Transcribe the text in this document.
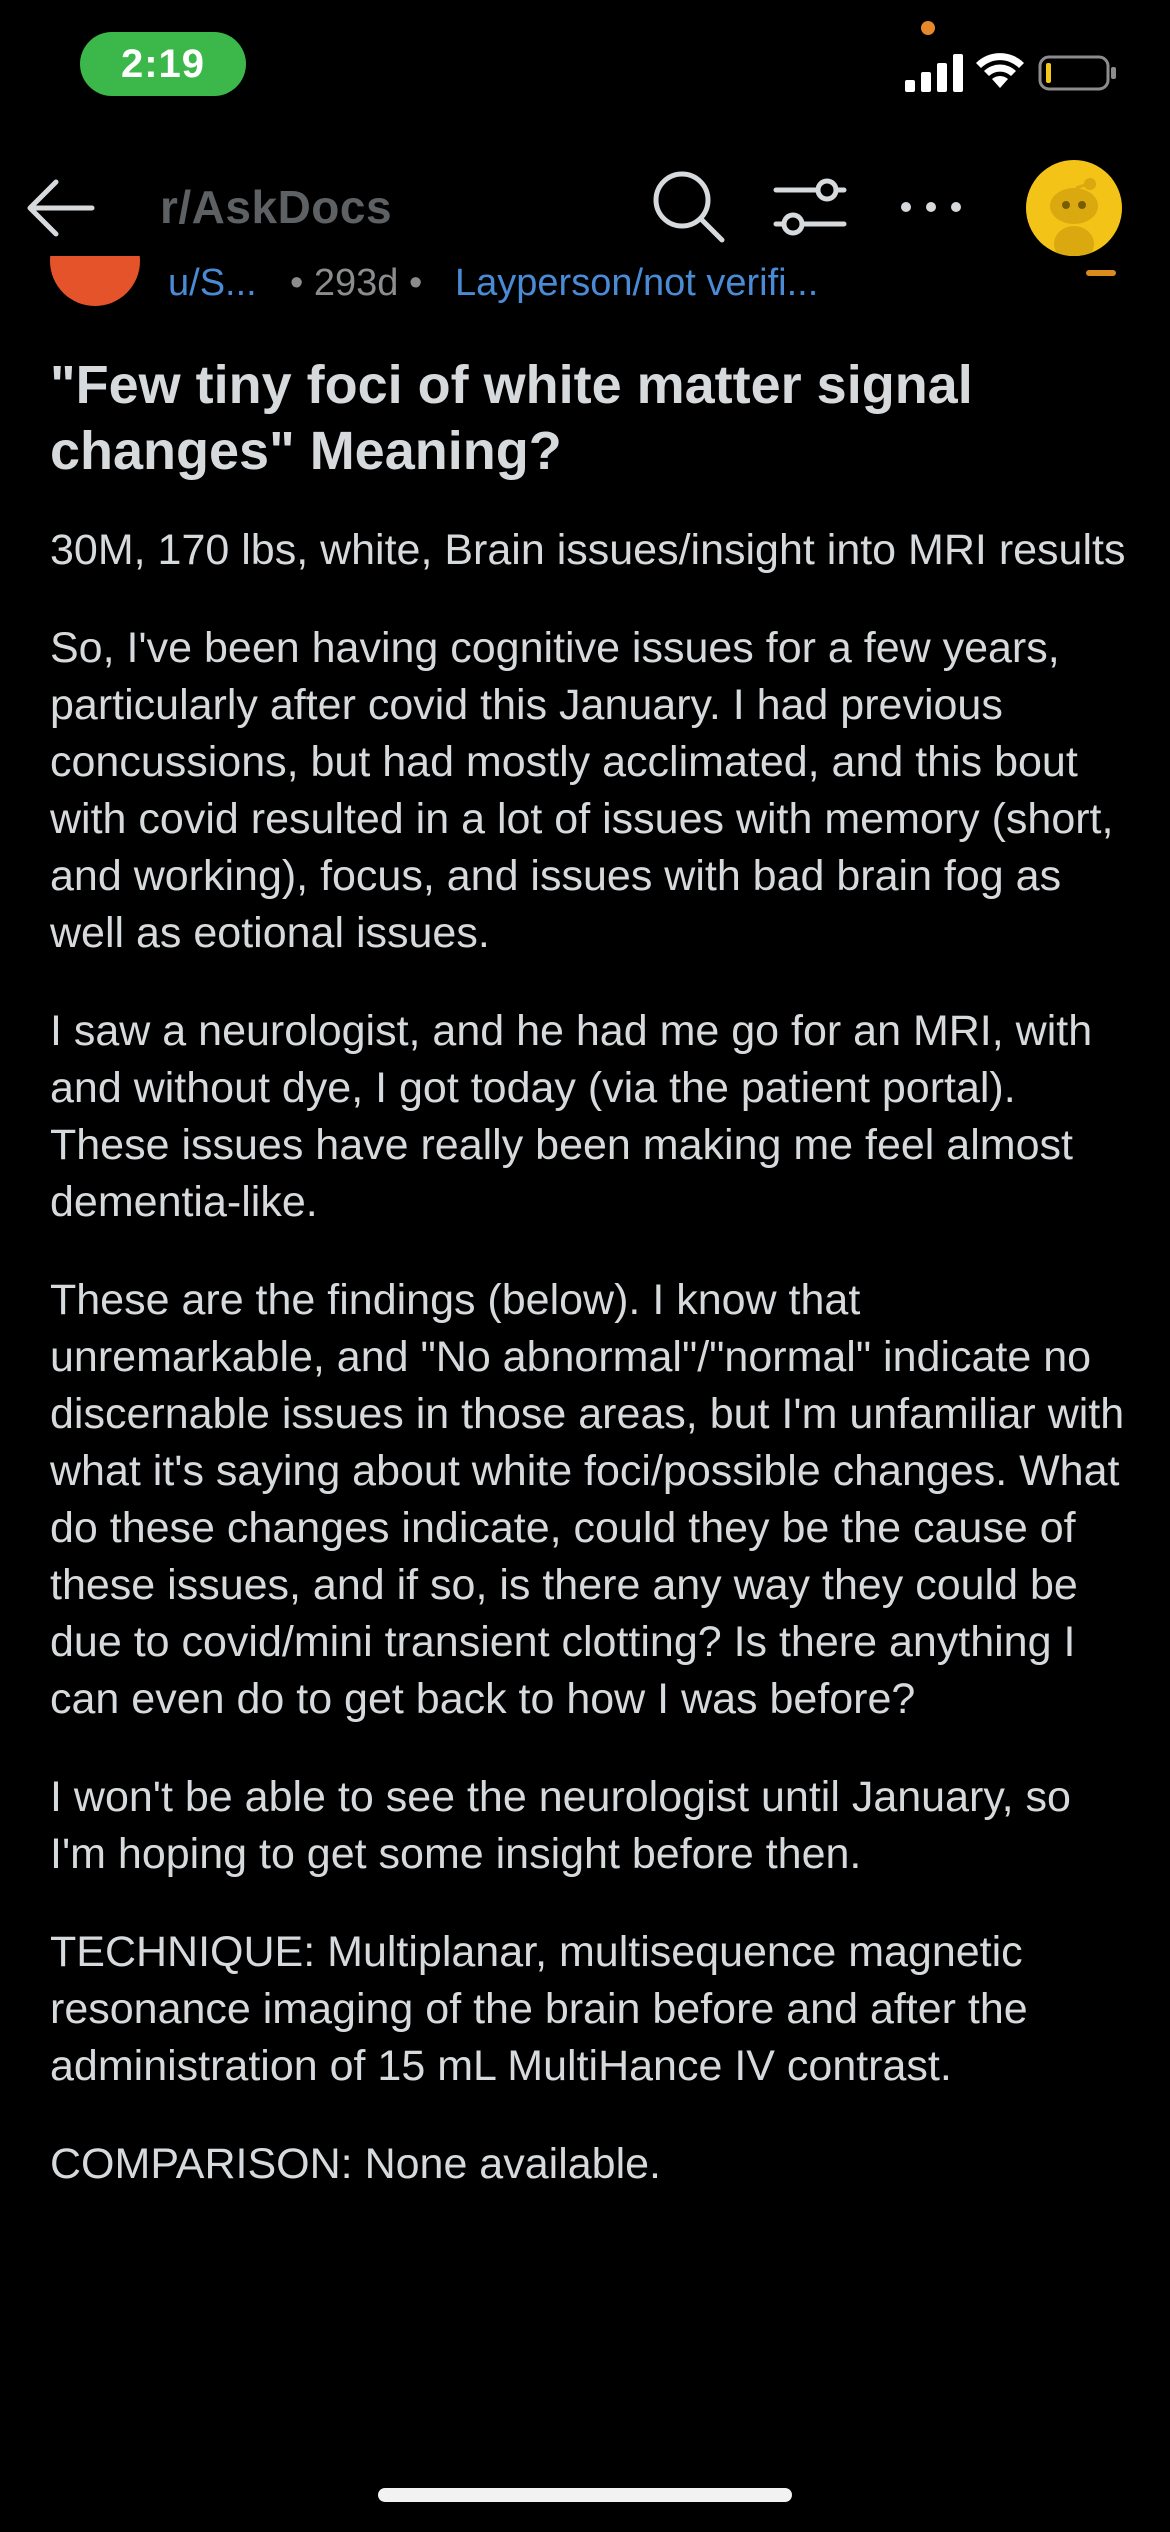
2:19
r/AskDocs
u/S... • 293d • Layperson/not verifi...
"Few tiny foci of white matter signal changes" Meaning?

30M, 170 lbs, white, Brain issues/insight into MRI results

So, I've been having cognitive issues for a few years, particularly after covid this January. I had previous concussions, but had mostly acclimated, and this bout with covid resulted in a lot of issues with memory (short, and working), focus, and issues with bad brain fog as well as eotional issues.

I saw a neurologist, and he had me go for an MRI, with and without dye, I got today (via the patient portal). These issues have really been making me feel almost dementia-like.

These are the findings (below). I know that unremarkable, and "No abnormal"/"normal" indicate no discernable issues in those areas, but I'm unfamiliar with what it's saying about white foci/possible changes. What do these changes indicate, could they be the cause of these issues, and if so, is there any way they could be due to covid/mini transient clotting? Is there anything I can even do to get back to how I was before?

I won't be able to see the neurologist until January, so I'm hoping to get some insight before then.

TECHNIQUE: Multiplanar, multisequence magnetic resonance imaging of the brain before and after the administration of 15 mL MultiHance IV contrast.

COMPARISON: None available.
